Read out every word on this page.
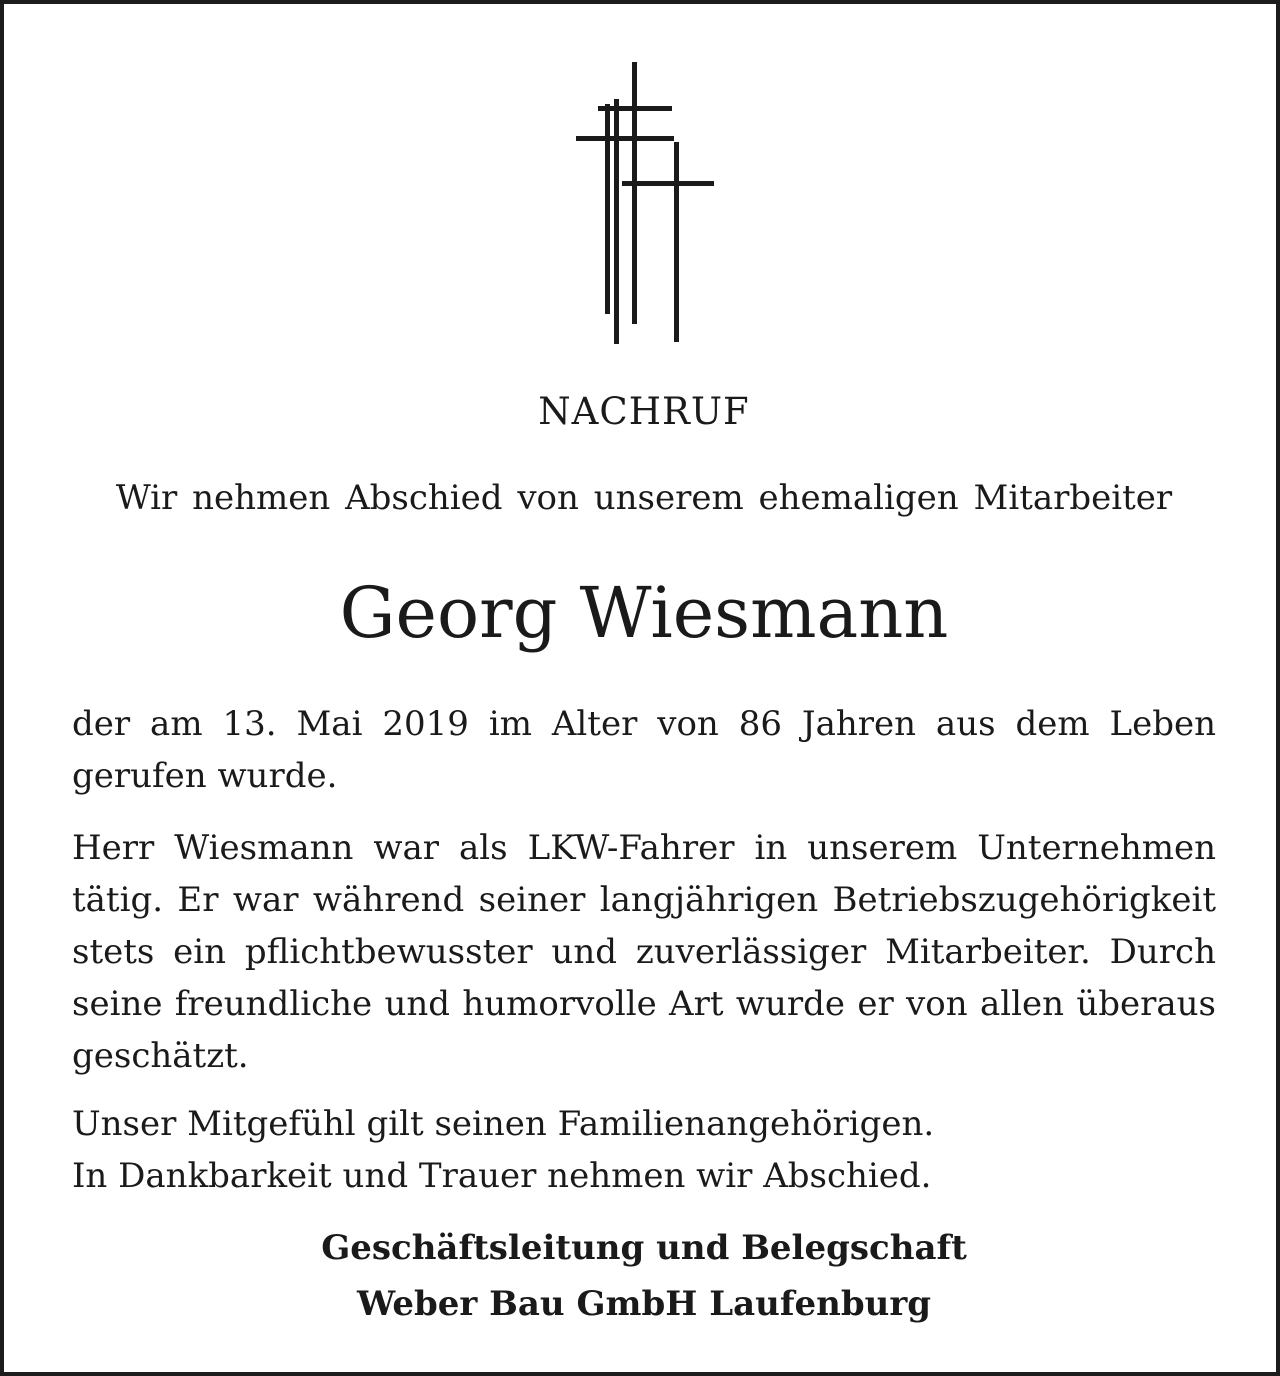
NACHRUF
Wir nehmen Abschied von unserem ehemaligen Mitarbeiter
Georg Wiesmann

der am 13. Mai 2019 im Alter von 86 Jahren aus dem Leben gerufen wurde.

Herr Wiesmann war als LKW-Fahrer in unserem Unternehmen tätig. Er war während seiner langjährigen Betriebszugehörigkeit stets ein pflichtbewusster und zuverlässiger Mitarbeiter. Durch seine freundliche und humorvolle Art wurde er von allen überaus geschätzt.

Unser Mitgefühl gilt seinen Familienangehörigen.
In Dankbarkeit und Trauer nehmen wir Abschied.
Geschäftsleitung und Belegschaft
Weber Bau GmbH Laufenburg
